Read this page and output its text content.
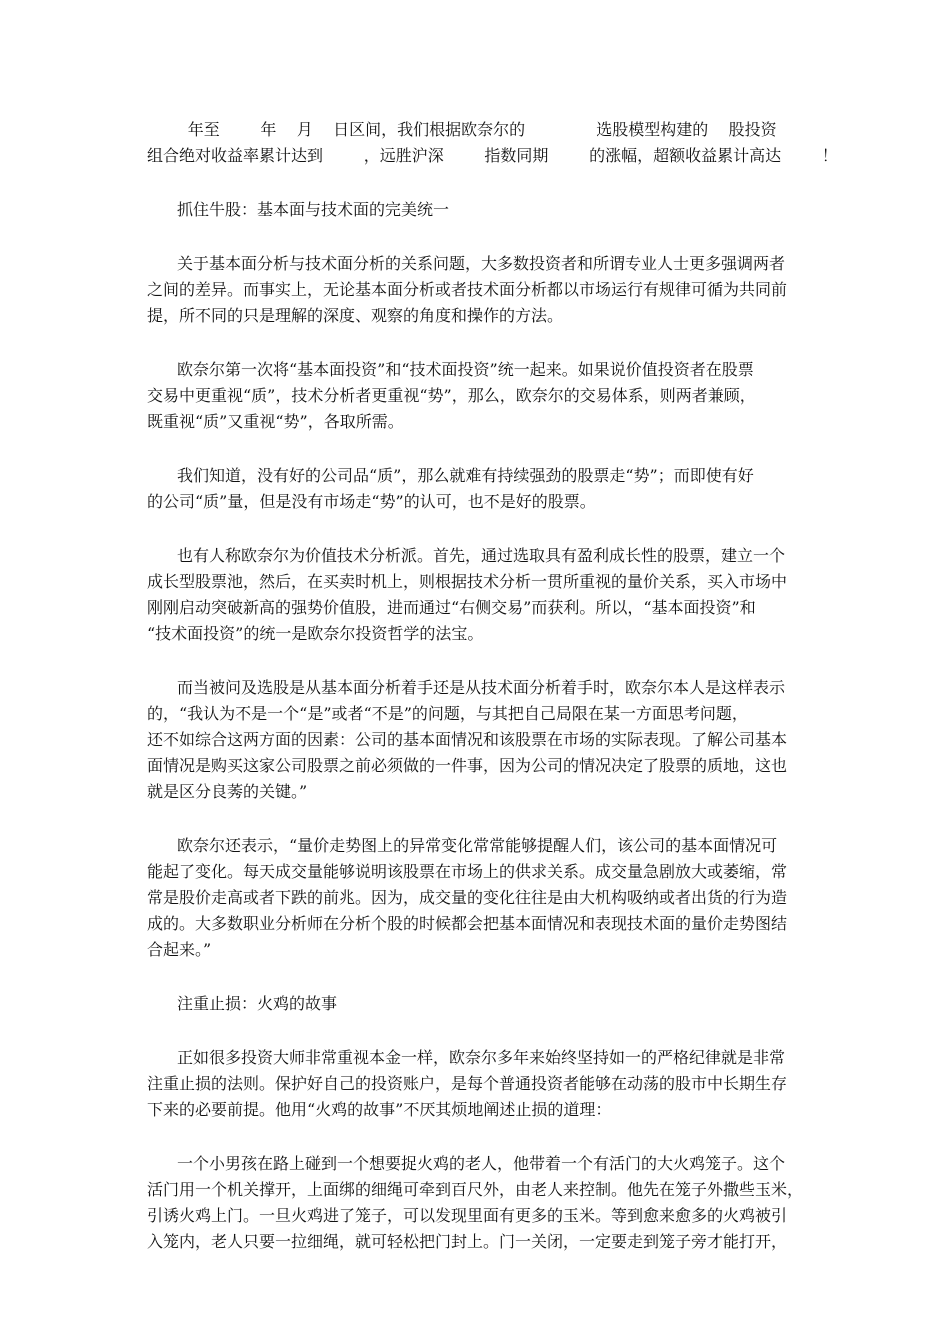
年至        年    月    日区间，我们根据欧奈尔的              选股模型构建的    股投资
组合绝对收益率累计达到        ，远胜沪深        指数同期        的涨幅，超额收益累计高达        ！
抓住牛股：基本面与技术面的完美统一
关于基本面分析与技术面分析的关系问题，大多数投资者和所谓专业人士更多强调两者
之间的差异。而事实上，无论基本面分析或者技术面分析都以市场运行有规律可循为共同前
提，所不同的只是理解的深度、观察的角度和操作的方法。
欧奈尔第一次将“基本面投资”和“技术面投资”统一起来。如果说价值投资者在股票
交易中更重视“质”，技术分析者更重视“势”，那么，欧奈尔的交易体系，则两者兼顾，
既重视“质”又重视“势”，各取所需。
我们知道，没有好的公司品“质”，那么就难有持续强劲的股票走“势”；而即使有好
的公司“质”量，但是没有市场走“势”的认可，也不是好的股票。
也有人称欧奈尔为价值技术分析派。首先，通过选取具有盈利成长性的股票，建立一个
成长型股票池，然后，在买卖时机上，则根据技术分析一贯所重视的量价关系，买入市场中
刚刚启动突破新高的强势价值股，进而通过“右侧交易”而获利。所以，“基本面投资”和
“技术面投资”的统一是欧奈尔投资哲学的法宝。
而当被问及选股是从基本面分析着手还是从技术面分析着手时，欧奈尔本人是这样表示
的，“我认为不是一个“是”或者“不是”的问题，与其把自己局限在某一方面思考问题，
还不如综合这两方面的因素：公司的基本面情况和该股票在市场的实际表现。了解公司基本
面情况是购买这家公司股票之前必须做的一件事，因为公司的情况决定了股票的质地，这也
就是区分良莠的关键。”
欧奈尔还表示，“量价走势图上的异常变化常常能够提醒人们，该公司的基本面情况可
能起了变化。每天成交量能够说明该股票在市场上的供求关系。成交量急剧放大或萎缩，常
常是股价走高或者下跌的前兆。因为，成交量的变化往往是由大机构吸纳或者出货的行为造
成的。大多数职业分析师在分析个股的时候都会把基本面情况和表现技术面的量价走势图结
合起来。”
注重止损：火鸡的故事
正如很多投资大师非常重视本金一样，欧奈尔多年来始终坚持如一的严格纪律就是非常
注重止损的法则。保护好自己的投资账户，是每个普通投资者能够在动荡的股市中长期生存
下来的必要前提。他用“火鸡的故事”不厌其烦地阐述止损的道理：
一个小男孩在路上碰到一个想要捉火鸡的老人，他带着一个有活门的大火鸡笼子。这个
活门用一个机关撑开，上面绑的细绳可牵到百尺外，由老人来控制。他先在笼子外撒些玉米，
引诱火鸡上门。一旦火鸡进了笼子，可以发现里面有更多的玉米。等到愈来愈多的火鸡被引
入笼内，老人只要一拉细绳，就可轻松把门封上。门一关闭，一定要走到笼子旁才能打开，
